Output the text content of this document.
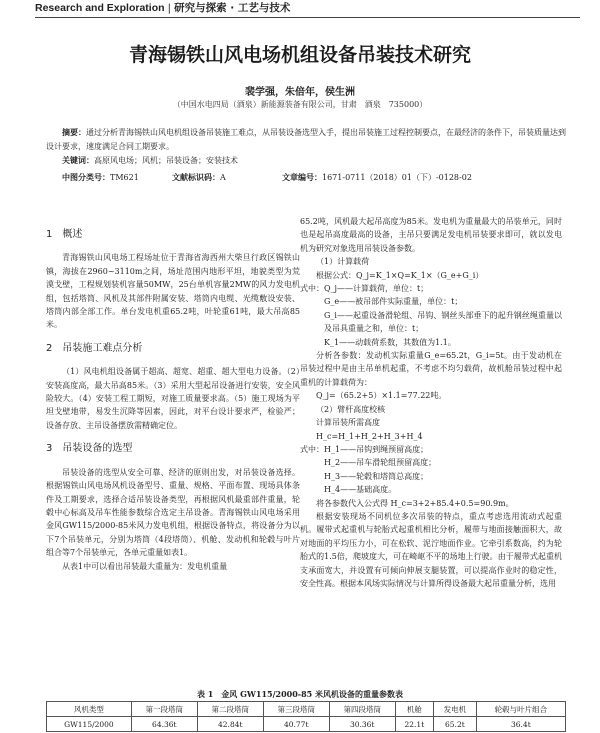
Research and Exploration | 研究与探索 · 工艺与技术
青海锡铁山风电场机组设备吊装技术研究
裴学强，朱倍年，侯生洲
（中国水电四局（酒泉）新能源装备有限公司，甘肃　酒泉　735000）
摘要：通过分析青海锡铁山风电机组设备吊装施工难点，从吊装设备选型入手，提出吊装施工过程控制要点，在最经济的条件下，吊装质量达到设计要求，速度满足合同工期要求。
关键词：高原风电场；风机；吊装设备；安装技术
中图分类号：TM621	文献标识码：A	文章编号：1671-0711（2018）01（下）-0128-02

1　概述

青海锡铁山风电场工程场址位于青海省海西州大柴旦行政区锡铁山镇，海拔在2960~3110m之间，场址范围内地形平坦，地貌类型为荒漠戈壁，工程规划装机容量50MW，25台单机容量2MW的风力发电机组，包括塔筒、风机及其部件附属安装、塔筒内电缆、光缆敷设安装、塔筒内部全部工作。单台发电机重65.2吨，叶轮重61吨，最大吊高85米。

2　吊装施工难点分析

（1）风电机组设备属于超高、超宽、超重、超大型电力设备。（2）安装高度高，最大吊高85米。（3）采用大型起吊设备进行安装，安全风险较大。（4）安装工程工期短，对施工质量要求高。（5）施工现场为平坦戈壁地带，易发生沉降等因素，因此，对平台设计要求严，检验严；设备存放、主吊设备摆放需精确定位。

3　吊装设备的选型

吊装设备的选型从安全可靠、经济的原则出发，对吊装设备选择。根据锡铁山风电场风机设备型号、重量、规格、平面布置、现场具体条件及工期要求，选择合适吊装设备类型，再根据风机最重部件重量，轮毂中心标高及吊车性能参数综合选定主吊设备。青海锡铁山风电场采用金风GW115/2000-85米风力发电机组，根据设备特点，将设备分为以下7个吊装单元，分别为塔筒（4段塔筒）、机舱、发动机和轮毂与叶片组合等7个吊装单元，各单元重量如表1。

从表1中可以看出吊装最大重量为：发电机重量

65.2吨，风机最大起吊高度为85米。发电机为重量最大的吊装单元，同时也是起吊高度最高的设备，主吊只要满足发电机吊装要求即可，就以发电机为研究对象选用吊装设备参数。

（1）计算载荷

根据公式：Q_j=K_1×Q=K_1×（G_e+G_i）

式中：Q_j——计算载荷，单位：t；

G_e——被吊部件实际重量，单位：t；

G_i——起重设备滑轮组、吊钩、钢丝头部垂下的起升钢丝绳重量以及吊具重量之和，单位：t；

K_1——动载荷系数，其数值为1.1。

分析各参数：发动机实际重量G_e=65.2t，G_i=5t。由于发动机在吊装过程中是由主吊单机起重，不考虑不均匀载荷，故机舱吊装过程中起重机的计算载荷为：

Q_j=（65.2+5）×1.1=77.22吨。

（2）臂杆高度校核

计算吊装所需高度

H_c=H_1+H_2+H_3+H_4

式中：H_1——吊钩到绳预留高度；

H_2——吊车滑轮组预留高度；

H_3——轮毂和塔筒总高度；

H_4——基础高度。

将各参数代入公式得 H_c=3+2+85.4+0.5=90.9m。

根据安装现场不同机位多次吊装的特点，重点考虑选用流动式起重机。履带式起重机与轮胎式起重机相比分析，履带与地面接触面积大，故对地面的平均压力小，可在松软、泥泞地面作业。它牵引系数高，约为轮胎式的1.5倍，爬坡度大，可在崎岖不平的场地上行驶。由于履带式起重机支承面宽大，并设置有可倾向伸展支腿装置，可以提高作业时的稳定性，安全性高。根据本风场实际情况与计算所得设备最大起吊重量分析，选用

表 1　金风 GW115/2000-85 米风机设备的重量参数表
风机类型	第一段塔筒	第二段塔筒	第三段塔筒	第四段塔筒	机舱	发电机	轮毂与叶片组合
GW115/2000	64.36t	42.84t	40.77t	30.36t	22.1t	65.2t	36.4t
